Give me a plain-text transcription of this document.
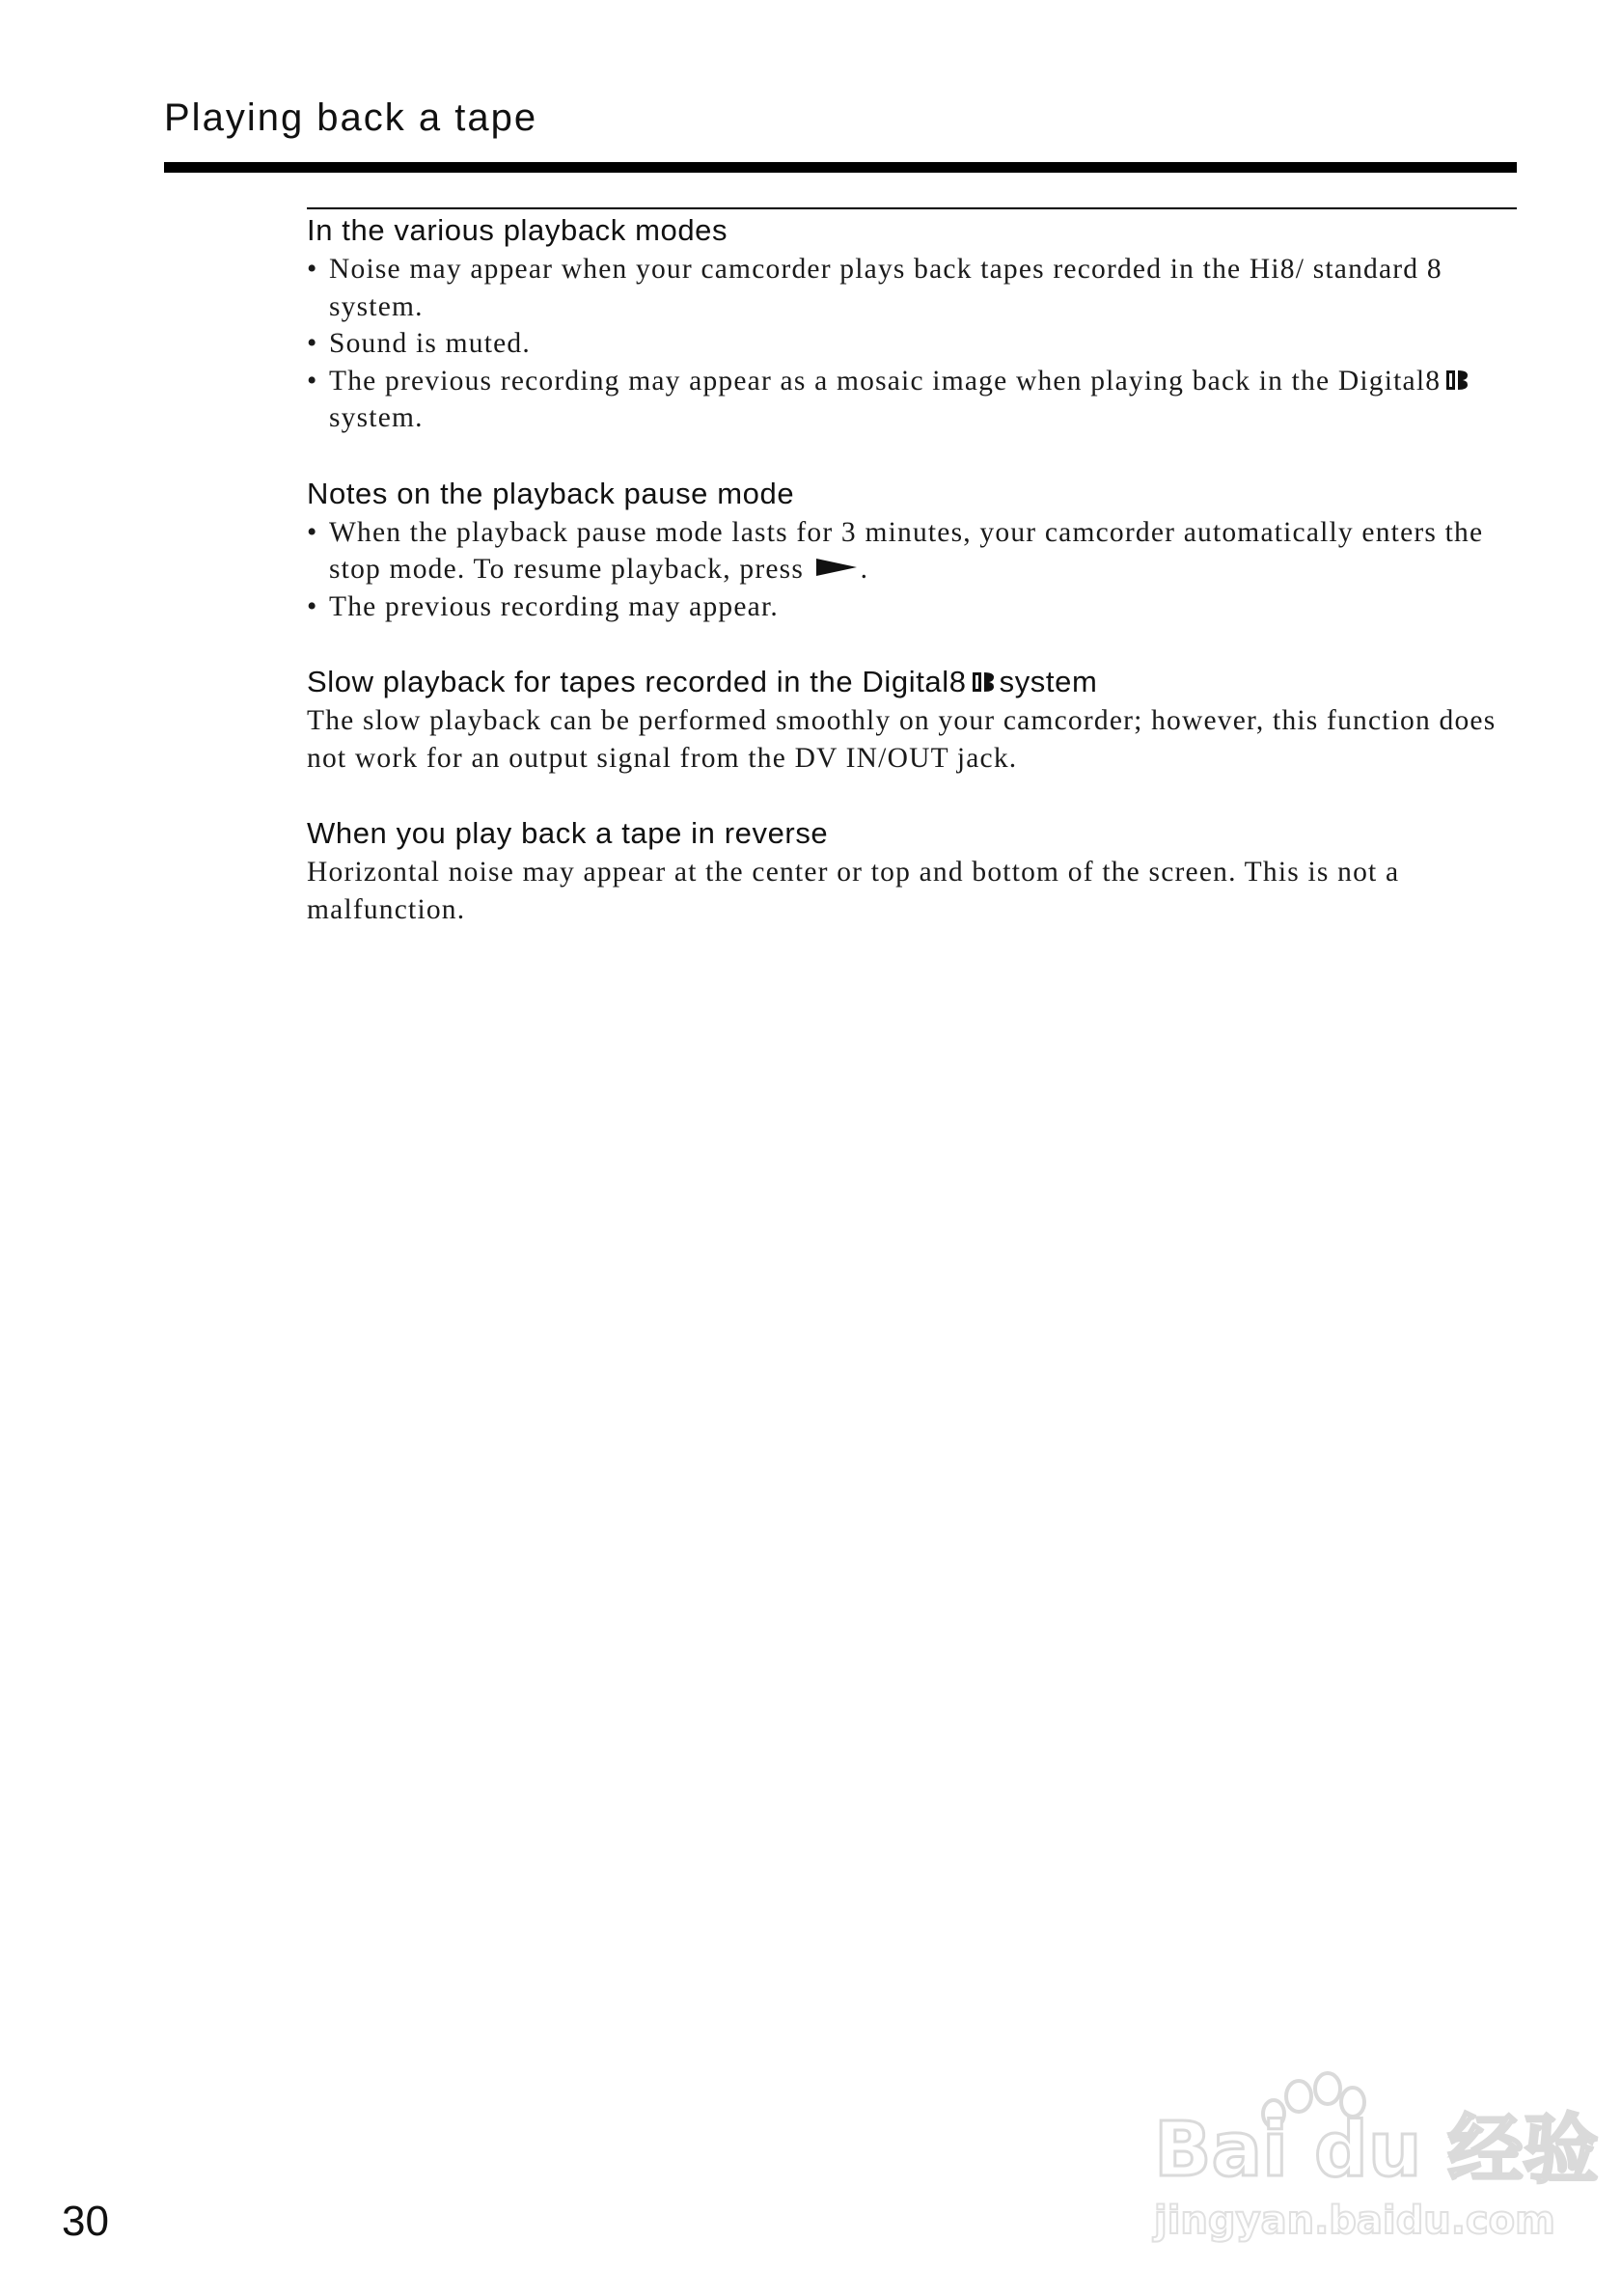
Playing back a tape
In the various playback modes
• Noise may appear when your camcorder plays back tapes recorded in the Hi8/ standard 8 system.
• Sound is muted.
• The previous recording may appear as a mosaic image when playing back in the Digital8system.
Notes on the playback pause mode
• When the playback pause mode lasts for 3 minutes, your camcorder automatically enters the stop mode. To resume playback, press .
• The previous recording may appear.
Slow playback for tapes recorded in the Digital8 system
The slow playback can be performed smoothly on your camcorder; however, this function does not work for an output signal from the DV IN/OUT jack.
When you play back a tape in reverse
Horizontal noise may appear at the center or top and bottom of the screen. This is not a malfunction.
30
Bai du 经验
jingyan.baidu.com
